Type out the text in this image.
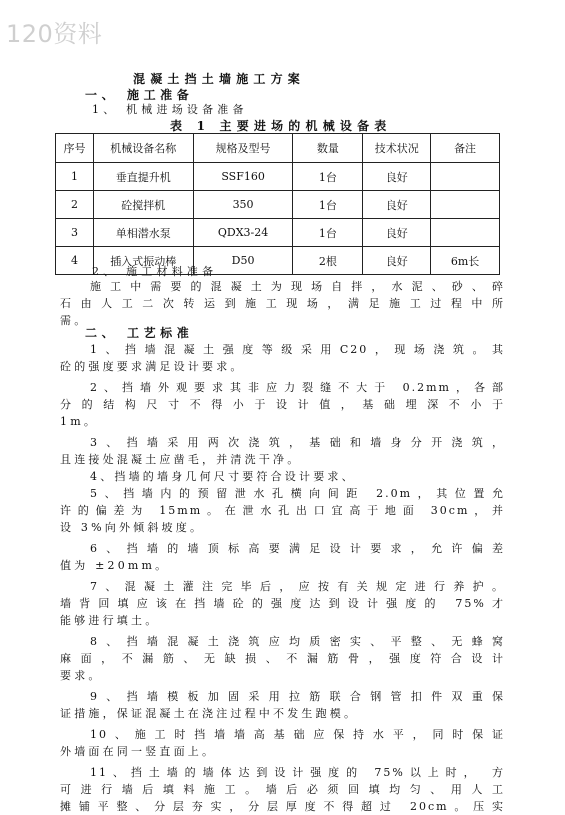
120资料
混凝土挡土墙施工方案
一、 施工准备
1、 机械进场设备准备
表 1 主要进场的机械设备表
序号	机械设备名称	规格及型号	数量	技术状况	备注
1	垂直提升机	SSF160	1台	良好	
2	砼搅拌机	350	1台	良好	
3	单相潜水泵	QDX3-24	1台	良好	
4	插入式振动棒	D50	2根	良好	6m长
2、 施工材料准备
施工中需要的混凝土为现场自拌，水泥、砂、碎
石由人工二次转运到施工现场，满足施工过程中所
需。
二、 工艺标准
1、挡墙混凝土强度等级采用C20，现场浇筑。其
砼的强度要求满足设计要求。
2、挡墙外观要求其非应力裂缝不大于 0.2mm，各部
分的结构尺寸不得小于设计值，基础埋深不小于
1m。
3、挡墙采用两次浇筑，基础和墙身分开浇筑，
且连接处混凝土应凿毛，并清洗干净。
4、挡墙的墙身几何尺寸要符合设计要求、
5、挡墙内的预留泄水孔横向间距 2.0m，其位置允
许的偏差为 15mm。在泄水孔出口宜高于地面 30cm，并
设 3%向外倾斜坡度。
6、挡墙的墙顶标高要满足设计要求，允许偏差
值为 ±20mm。
7、混凝土灌注完毕后，应按有关规定进行养护。
墙背回填应该在挡墙砼的强度达到设计强度的 75%才
能够进行填土。
8、挡墙混凝土浇筑应均质密实、平整、无蜂窝
麻面，不漏筋、无缺损、不漏筋骨，强度符合设计
要求。
9、挡墙模板加固采用拉筋联合钢管扣件双重保
证措施，保证混凝土在浇注过程中不发生跑模。
10、施工时挡墙墙高基础应保持水平，同时保证
外墙面在同一竖直面上。
11、挡土墙的墙体达到设计强度的 75%以上时， 方
可进行墙后填料施工。墙后必须回填均匀、用人工
摊铺平整、分层夯实，分层厚度不得超过 20cm。压实
